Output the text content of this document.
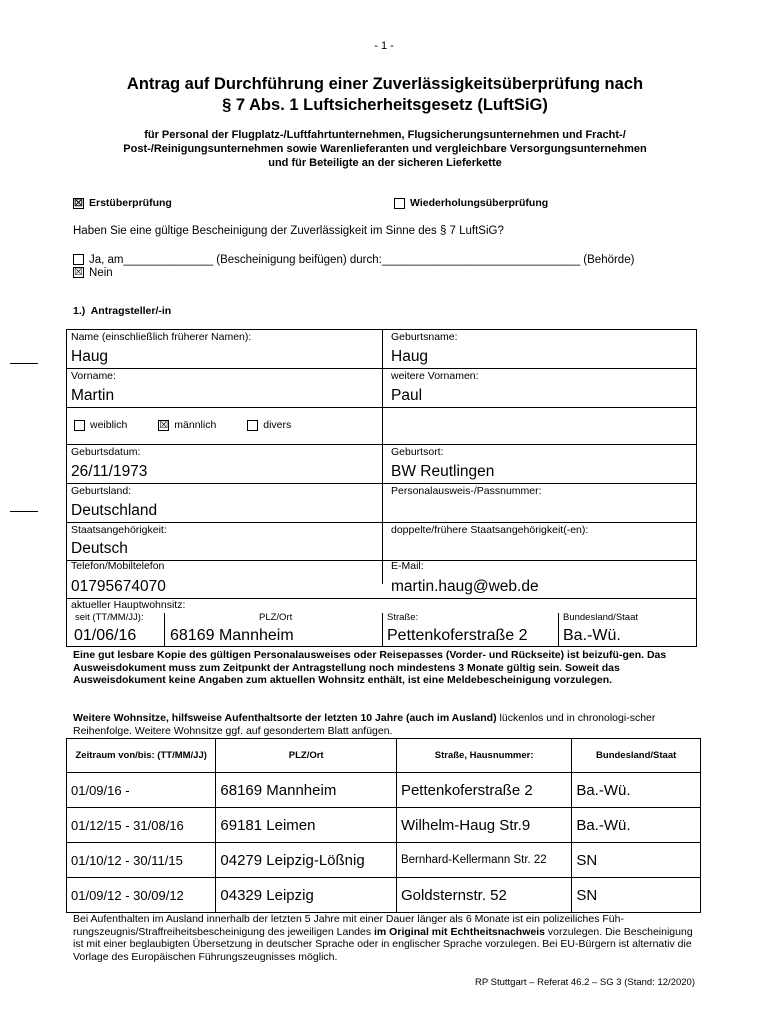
- 1 -
Antrag auf Durchführung einer Zuverlässigkeitsüberprüfung nach
§ 7 Abs. 1 Luftsicherheitsgesetz (LuftSiG)
für Personal der Flugplatz-/Luftfahrtunternehmen, Flugsicherungsunternehmen und Fracht-/
Post-/Reinigungsunternehmen sowie Warenlieferanten und vergleichbare Versorgungsunternehmen
und für Beteiligte an der sicheren Lieferkette
☒ Erstüberprüfung	Wiederholungsüberprüfung
Haben Sie eine gültige Bescheinigung der Zuverlässigkeit im Sinne des § 7 LuftSiG?
Ja, am______________ (Bescheinigung beifügen) durch:_______________________________ (Behörde)
☒ Nein
1.)  Antragsteller/-in
Name (einschließlich früherer Namen):
Haug
Geburtsname:
Haug
Vorname:
Martin
weitere Vornamen:
Paul
weiblich	☒ männlich	divers
Geburtsdatum:
26/11/1973
Geburtsort:
BW Reutlingen
Geburtsland:
Deutschland
Personalausweis-/Passnummer:
Staatsangehörigkeit:
Deutsch
doppelte/frühere Staatsangehörigkeit(-en):
Telefon/Mobiltelefon
01795674070
E-Mail:
martin.haug@web.de
aktueller Hauptwohnsitz:
seit (TT/MM/JJ):
01/06/16
PLZ/Ort
68169 Mannheim
Straße:
Pettenkoferstraße 2
Bundesland/Staat
Ba.-Wü.
Eine gut lesbare Kopie des gültigen Personalausweises oder Reisepasses (Vorder- und Rückseite) ist beizufü-gen. Das Ausweisdokument muss zum Zeitpunkt der Antragstellung noch mindestens 3 Monate gültig sein. Soweit das Ausweisdokument keine Angaben zum aktuellen Wohnsitz enthält, ist eine Meldebescheinigung vorzulegen.
Weitere Wohnsitze, hilfsweise Aufenthaltsorte der letzten 10 Jahre (auch im Ausland) lückenlos und in chronologi-scher Reihenfolge. Weitere Wohnsitze ggf. auf gesondertem Blatt anfügen.
Zeitraum von/bis: (TT/MM/JJ)	PLZ/Ort	Straße, Hausnummer:	Bundesland/Staat
01/09/16 -	68169 Mannheim	Pettenkoferstraße 2	Ba.-Wü.
01/12/15 - 31/08/16	69181 Leimen	Wilhelm-Haug Str.9	Ba.-Wü.
01/10/12 - 30/11/15	04279 Leipzig-Lößnig	Bernhard-Kellermann Str. 22	SN
01/09/12 - 30/09/12	04329 Leipzig	Goldsternstr. 52	SN
Bei Aufenthalten im Ausland innerhalb der letzten 5 Jahre mit einer Dauer länger als 6 Monate ist ein polizeiliches Füh-rungszeugnis/Straffreiheitsbescheinigung des jeweiligen Landes im Original mit Echtheitsnachweis vorzulegen. Die Bescheinigung ist mit einer beglaubigten Übersetzung in deutscher Sprache oder in englischer Sprache vorzulegen. Bei EU-Bürgern ist alternativ die Vorlage des Europäischen Führungszeugnisses möglich.
RP Stuttgart – Referat 46.2 – SG 3 (Stand: 12/2020)
